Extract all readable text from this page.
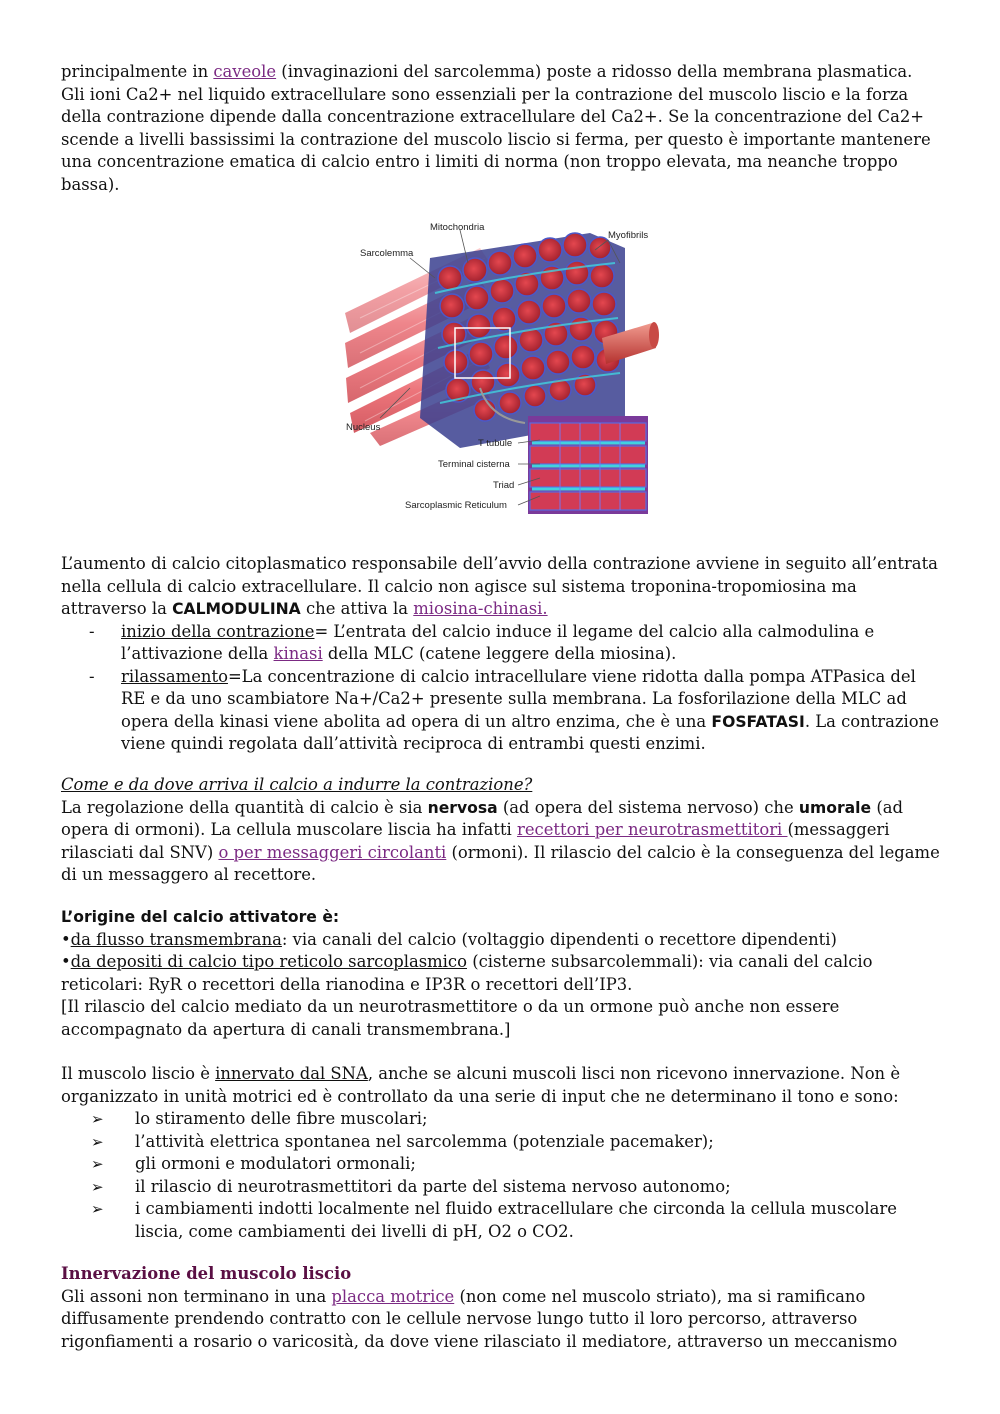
principalmente in caveole (invaginazioni del sarcolemma) poste a ridosso della membrana plasmatica. Gli ioni Ca2+ nel liquido extracellulare sono essenziali per la contrazione del muscolo liscio e la forza della contrazione dipende dalla concentrazione extracellulare del Ca2+. Se la concentrazione del Ca2+ scende a livelli bassissimi la contrazione del muscolo liscio si ferma, per questo è importante mantenere una concentrazione ematica di calcio entro i limiti di norma (non troppo elevata, ma neanche troppo bassa).

Mitochondria
Sarcolemma
Myofibrils
Nucleus
T tubule
Terminal cisterna
Triad
Sarcoplasmic Reticulum

L’aumento di calcio citoplasmatico responsabile dell’avvio della contrazione avviene in seguito all’entrata nella cellula di calcio extracellulare. Il calcio non agisce sul sistema troponina-tropomiosina ma attraverso la CALMODULINA che attiva la miosina-chinasi.

- inizio della contrazione= L’entrata del calcio induce il legame del calcio alla calmodulina e l’attivazione della kinasi della MLC (catene leggere della miosina).
- rilassamento=La concentrazione di calcio intracellulare viene ridotta dalla pompa ATPasica del RE e da uno scambiatore Na+/Ca2+ presente sulla membrana. La fosforilazione della MLC ad opera della kinasi viene abolita ad opera di un altro enzima, che è una FOSFATASI. La contrazione viene quindi regolata dall’attività reciproca di entrambi questi enzimi.

Come e da dove arriva il calcio a indurre la contrazione?

La regolazione della quantità di calcio è sia nervosa (ad opera del sistema nervoso) che umorale (ad opera di ormoni). La cellula muscolare liscia ha infatti recettori per neurotrasmettitori (messaggeri rilasciati dal SNV) o per messaggeri circolanti (ormoni). Il rilascio del calcio è la conseguenza del legame di un messaggero al recettore.

L’origine del calcio attivatore è:

•da flusso transmembrana: via canali del calcio (voltaggio dipendenti o recettore dipendenti)

•da depositi di calcio tipo reticolo sarcoplasmico (cisterne subsarcolemmali): via canali del calcio reticolari: RyR o recettori della rianodina e IP3R o recettori dell’IP3.

[Il rilascio del calcio mediato da un neurotrasmettitore o da un ormone può anche non essere accompagnato da apertura di canali transmembrana.]

Il muscolo liscio è innervato dal SNA, anche se alcuni muscoli lisci non ricevono innervazione. Non è organizzato in unità motrici ed è controllato da una serie di input che ne determinano il tono e sono:

➢ lo stiramento delle fibre muscolari;
➢ l’attività elettrica spontanea nel sarcolemma (potenziale pacemaker);
➢ gli ormoni e modulatori ormonali;
➢ il rilascio di neurotrasmettitori da parte del sistema nervoso autonomo;
➢ i cambiamenti indotti localmente nel fluido extracellulare che circonda la cellula muscolare liscia, come cambiamenti dei livelli di pH, O2 o CO2.

Innervazione del muscolo liscio

Gli assoni non terminano in una placca motrice (non come nel muscolo striato), ma si ramificano diffusamente prendendo contratto con le cellule nervose lungo tutto il loro percorso, attraverso rigonfiamenti a rosario o varicosità, da dove viene rilasciato il mediatore, attraverso un meccanismo
